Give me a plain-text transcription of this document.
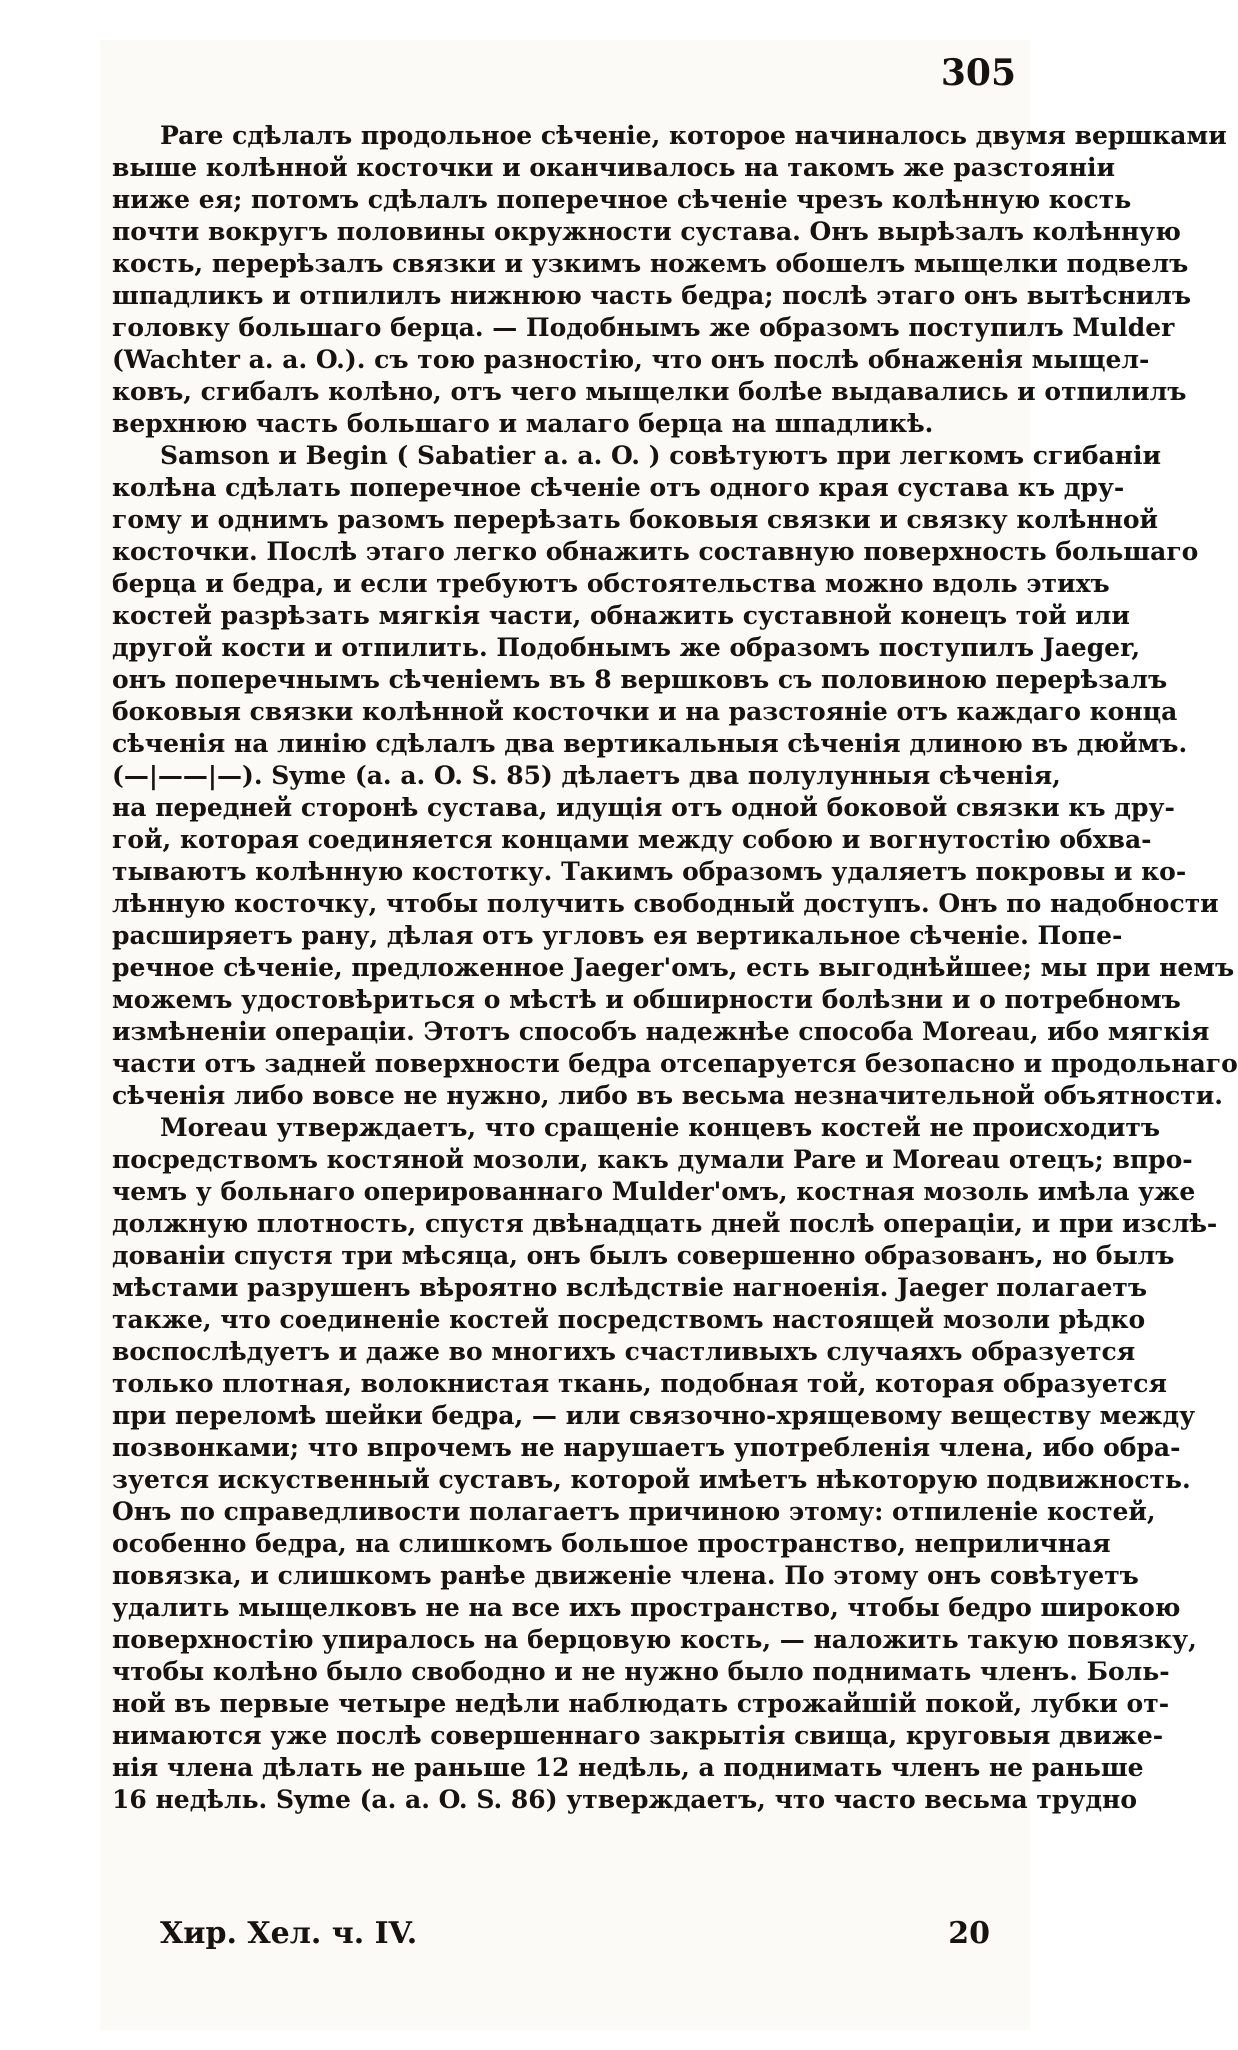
305
Pare сдѣлалъ продольное сѣченіе, которое начиналось двумя вершками
выше колѣнной косточки и оканчивалось на такомъ же разстояніи
ниже ея; потомъ сдѣлалъ поперечное сѣченіе чрезъ колѣнную кость
почти вокругъ половины окружности сустава. Онъ вырѣзалъ колѣнную
кость, перерѣзалъ связки и узкимъ ножемъ обошелъ мыщелки подвелъ
шпадликъ и отпилилъ нижнюю часть бедра; послѣ этаго онъ вытѣснилъ
головку большаго берца. — Подобнымъ же образомъ поступилъ Mulder
(Wachter a. a. O.). съ тою разностію, что онъ послѣ обнаженія мыщел-
ковъ, сгибалъ колѣно, отъ чего мыщелки болѣе выдавались и отпилилъ
верхнюю часть большаго и малаго берца на шпадликѣ.
Samson и Begin ( Sabatier a. a. O. ) совѣтуютъ при легкомъ сгибаніи
колѣна сдѣлать поперечное сѣченіе отъ одного края сустава къ дру-
гому и однимъ разомъ перерѣзать боковыя связки и связку колѣнной
косточки. Послѣ этаго легко обнажить составную поверхность большаго
берца и бедра, и если требуютъ обстоятельства можно вдоль этихъ
костей разрѣзать мягкія части, обнажить суставной конецъ той или
другой кости и отпилить. Подобнымъ же образомъ поступилъ Jaeger,
онъ поперечнымъ сѣченіемъ въ 8 вершковъ съ половиною перерѣзалъ
боковыя связки колѣнной косточки и на разстояніе отъ каждаго конца
сѣченія на линію сдѣлалъ два вертикальныя сѣченія длиною въ дюймъ.
(—|——|—). Syme (a. a. O. S. 85) дѣлаетъ два полулунныя сѣченія,
на передней сторонѣ сустава, идущія отъ одной боковой связки къ дру-
гой, которая соединяется концами между собою и вогнутостію обхва-
тываютъ колѣнную костотку. Такимъ образомъ удаляетъ покровы и ко-
лѣнную косточку, чтобы получить свободный доступъ. Онъ по надобности
расширяетъ рану, дѣлая отъ угловъ ея вертикальное сѣченіе. Попе-
речное сѣченіе, предложенное Jaeger'омъ, есть выгоднѣйшее; мы при немъ
можемъ удостовѣриться о мѣстѣ и обширности болѣзни и о потребномъ
измѣненіи операціи. Этотъ способъ надежнѣе способа Moreau, ибо мягкія
части отъ задней поверхности бедра отсепаруется безопасно и продольнаго
сѣченія либо вовсе не нужно, либо въ весьма незначительной объятности.
Moreau утверждаетъ, что сращеніе концевъ костей не происходитъ
посредствомъ костяной мозоли, какъ думали Pare и Moreau отецъ; впро-
чемъ у больнаго оперированнаго Mulder'омъ, костная мозоль имѣла уже
должную плотность, спустя двѣнадцать дней послѣ операціи, и при изслѣ-
дованіи спустя три мѣсяца, онъ былъ совершенно образованъ, но былъ
мѣстами разрушенъ вѣроятно вслѣдствіе нагноенія. Jaeger полагаетъ
также, что соединеніе костей посредствомъ настоящей мозоли рѣдко
воспослѣдуетъ и даже во многихъ счастливыхъ случаяхъ образуется
только плотная, волокнистая ткань, подобная той, которая образуется
при переломѣ шейки бедра, — или связочно-хрящевому веществу между
позвонками; что впрочемъ не нарушаетъ употребленія члена, ибо обра-
зуется искуственный суставъ, которой имѣетъ нѣкоторую подвижность.
Онъ по справедливости полагаетъ причиною этому: отпиленіе костей,
особенно бедра, на слишкомъ большое пространство, неприличная
повязка, и слишкомъ ранѣе движеніе члена. По этому онъ совѣтуетъ
удалить мыщелковъ не на все ихъ пространство, чтобы бедро широкою
поверхностію упиралось на берцовую кость, — наложить такую повязку,
чтобы колѣно было свободно и не нужно было поднимать членъ. Боль-
ной въ первые четыре недѣли наблюдать строжайшій покой, лубки от-
нимаются уже послѣ совершеннаго закрытія свища, круговыя движе-
нія члена дѣлать не раньше 12 недѣль, а поднимать членъ не раньше
16 недѣль. Syme (a. a. O. S. 86) утверждаетъ, что часто весьма трудно
Хир. Хел. ч. IV.	20
